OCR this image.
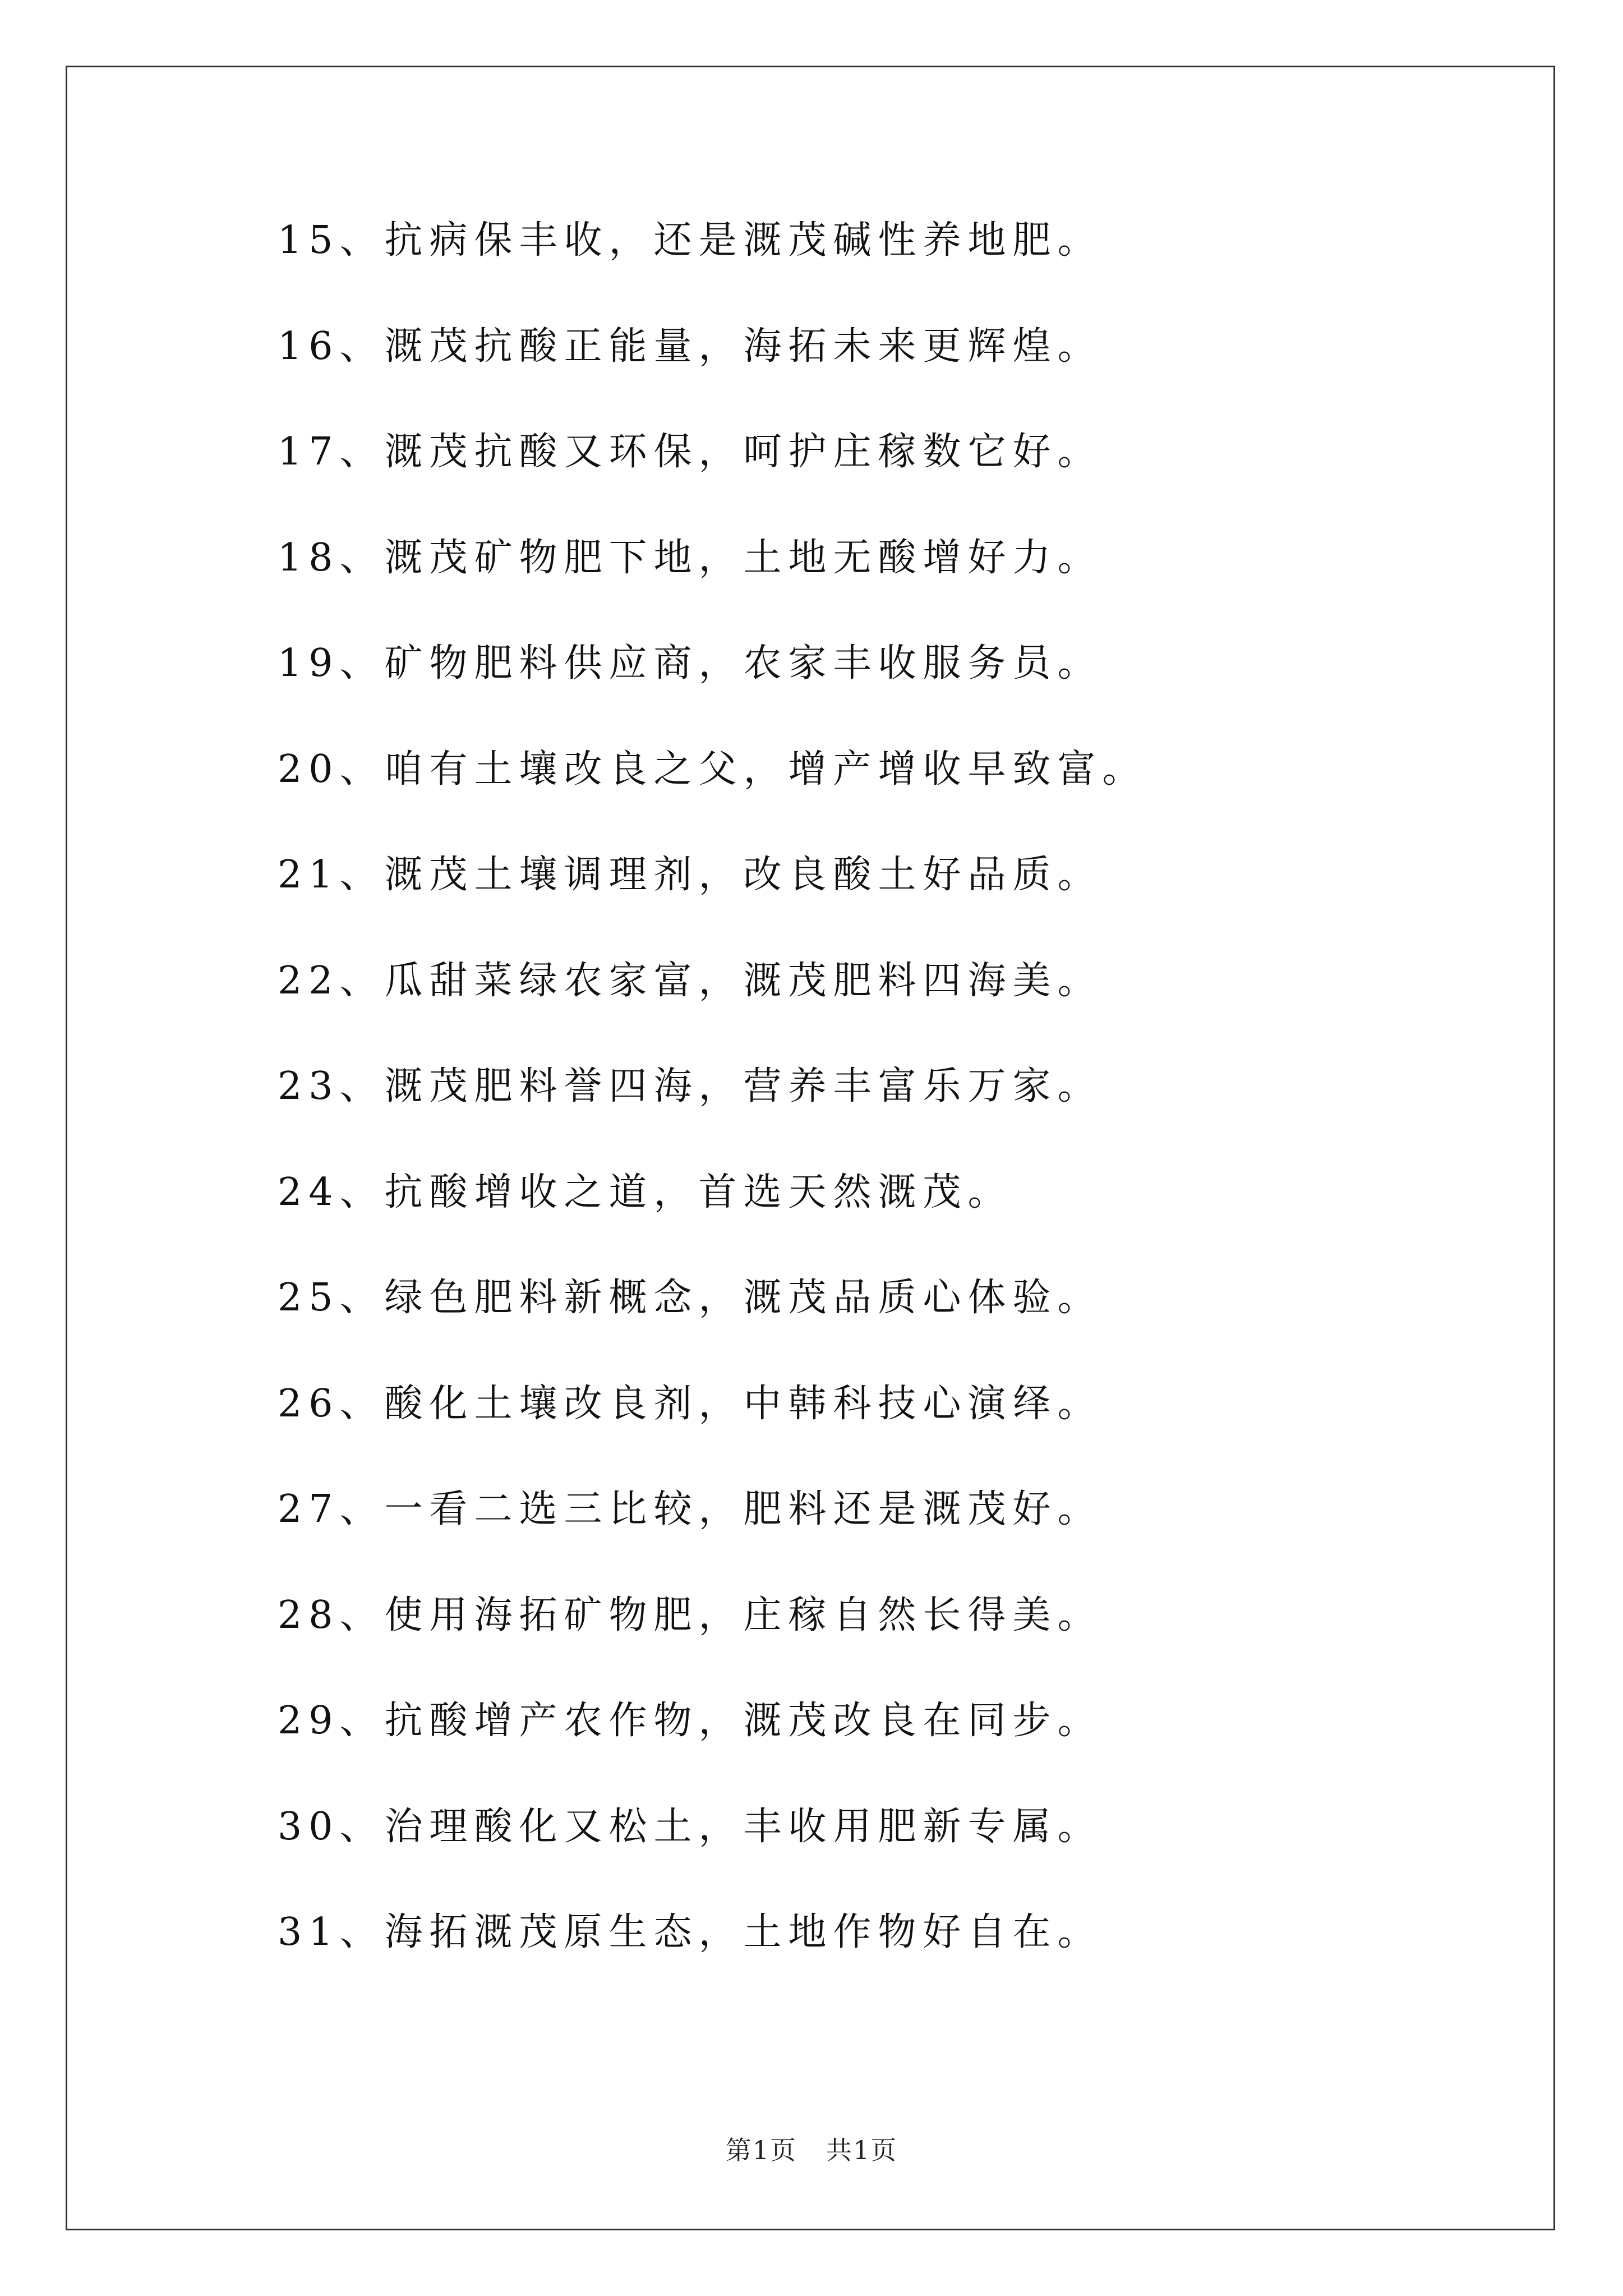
15、抗病保丰收，还是溉茂碱性养地肥。
16、溉茂抗酸正能量，海拓未来更辉煌。
17、溉茂抗酸又环保，呵护庄稼数它好。
18、溉茂矿物肥下地，土地无酸增好力。
19、矿物肥料供应商，农家丰收服务员。
20、咱有土壤改良之父，增产增收早致富。
21、溉茂土壤调理剂，改良酸土好品质。
22、瓜甜菜绿农家富，溉茂肥料四海美。
23、溉茂肥料誉四海，营养丰富乐万家。
24、抗酸增收之道，首选天然溉茂。
25、绿色肥料新概念，溉茂品质心体验。
26、酸化土壤改良剂，中韩科技心演绎。
27、一看二选三比较，肥料还是溉茂好。
28、使用海拓矿物肥，庄稼自然长得美。
29、抗酸增产农作物，溉茂改良在同步。
30、治理酸化又松土，丰收用肥新专属。
31、海拓溉茂原生态，土地作物好自在。
第1页 共1页
